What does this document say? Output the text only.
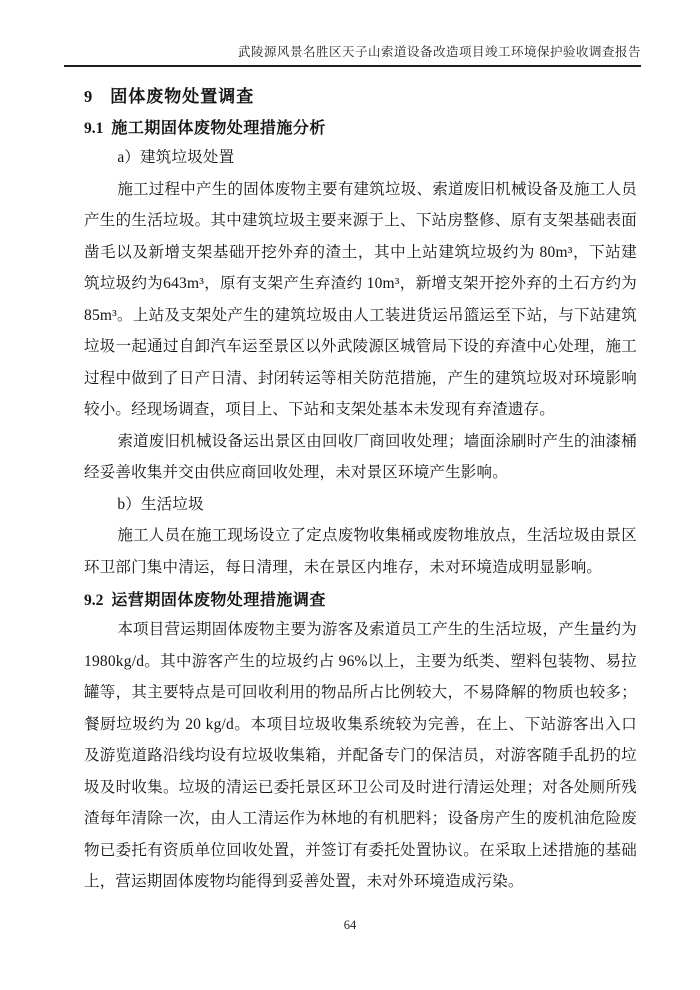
武陵源风景名胜区天子山索道设备改造项目竣工环境保护验收调查报告
9 固体废物处置调查
9.1 施工期固体废物处理措施分析

a）建筑垃圾处置

施工过程中产生的固体废物主要有建筑垃圾、索道废旧机械设备及施工人员产生的生活垃圾。其中建筑垃圾主要来源于上、下站房整修、原有支架基础表面凿毛以及新增支架基础开挖外弃的渣土，其中上站建筑垃圾约为 80m³，下站建筑垃圾约为643m³，原有支架产生弃渣约 10m³，新增支架开挖外弃的土石方约为85m³。上站及支架处产生的建筑垃圾由人工装进货运吊篮运至下站，与下站建筑垃圾一起通过自卸汽车运至景区以外武陵源区城管局下设的弃渣中心处理，施工过程中做到了日产日清、封闭转运等相关防范措施，产生的建筑垃圾对环境影响较小。经现场调查，项目上、下站和支架处基本未发现有弃渣遗存。

索道废旧机械设备运出景区由回收厂商回收处理；墙面涂刷时产生的油漆桶经妥善收集并交由供应商回收处理，未对景区环境产生影响。

b）生活垃圾

施工人员在施工现场设立了定点废物收集桶或废物堆放点，生活垃圾由景区环卫部门集中清运，每日清理，未在景区内堆存，未对环境造成明显影响。

9.2 运营期固体废物处理措施调查

本项目营运期固体废物主要为游客及索道员工产生的生活垃圾，产生量约为1980kg/d。其中游客产生的垃圾约占 96%以上，主要为纸类、塑料包装物、易拉罐等，其主要特点是可回收利用的物品所占比例较大，不易降解的物质也较多；餐厨垃圾约为 20 kg/d。本项目垃圾收集系统较为完善，在上、下站游客出入口及游览道路沿线均设有垃圾收集箱，并配备专门的保洁员，对游客随手乱扔的垃圾及时收集。垃圾的清运已委托景区环卫公司及时进行清运处理；对各处厕所残渣每年清除一次，由人工清运作为林地的有机肥料；设备房产生的废机油危险废物已委托有资质单位回收处置，并签订有委托处置协议。在采取上述措施的基础上，营运期固体废物均能得到妥善处置，未对外环境造成污染。

64
